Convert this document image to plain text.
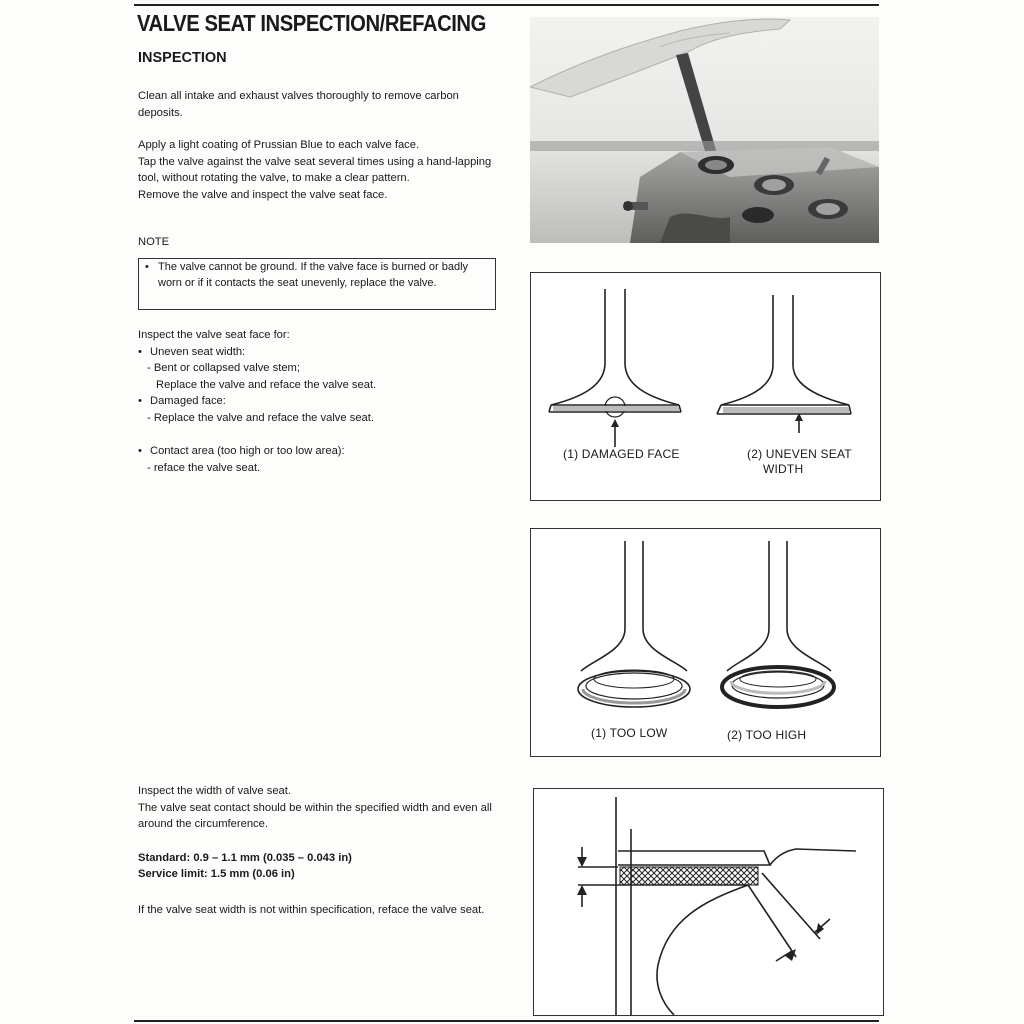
VALVE SEAT INSPECTION/REFACING
INSPECTION

Clean all intake and exhaust valves thoroughly to remove carbon deposits.

Apply a light coating of Prussian Blue to each valve face.

Tap the valve against the valve seat several times using a hand-lapping tool, without rotating the valve, to make a clear pattern.

Remove the valve and inspect the valve seat face.

NOTE
• The valve cannot be ground. If the valve face is burned or badly worn or if it contacts the seat unevenly, replace the valve.

Inspect the valve seat face for:

• Uneven seat width:
- Bent or collapsed valve stem;
Replace the valve and reface the valve seat.
• Damaged face:
- Replace the valve and reface the valve seat.
• Contact area (too high or too low area):
- reface the valve seat.

Inspect the width of valve seat.

The valve seat contact should be within the specified width and even all around the circumference.

Standard: 0.9 – 1.1 mm (0.035 – 0.043 in)

Service limit: 1.5 mm (0.06 in)

If the valve seat width is not within specification, reface the valve seat.

(1) DAMAGED FACE	(2) UNEVEN SEAT
WIDTH
(1) TOO LOW	(2) TOO HIGH
